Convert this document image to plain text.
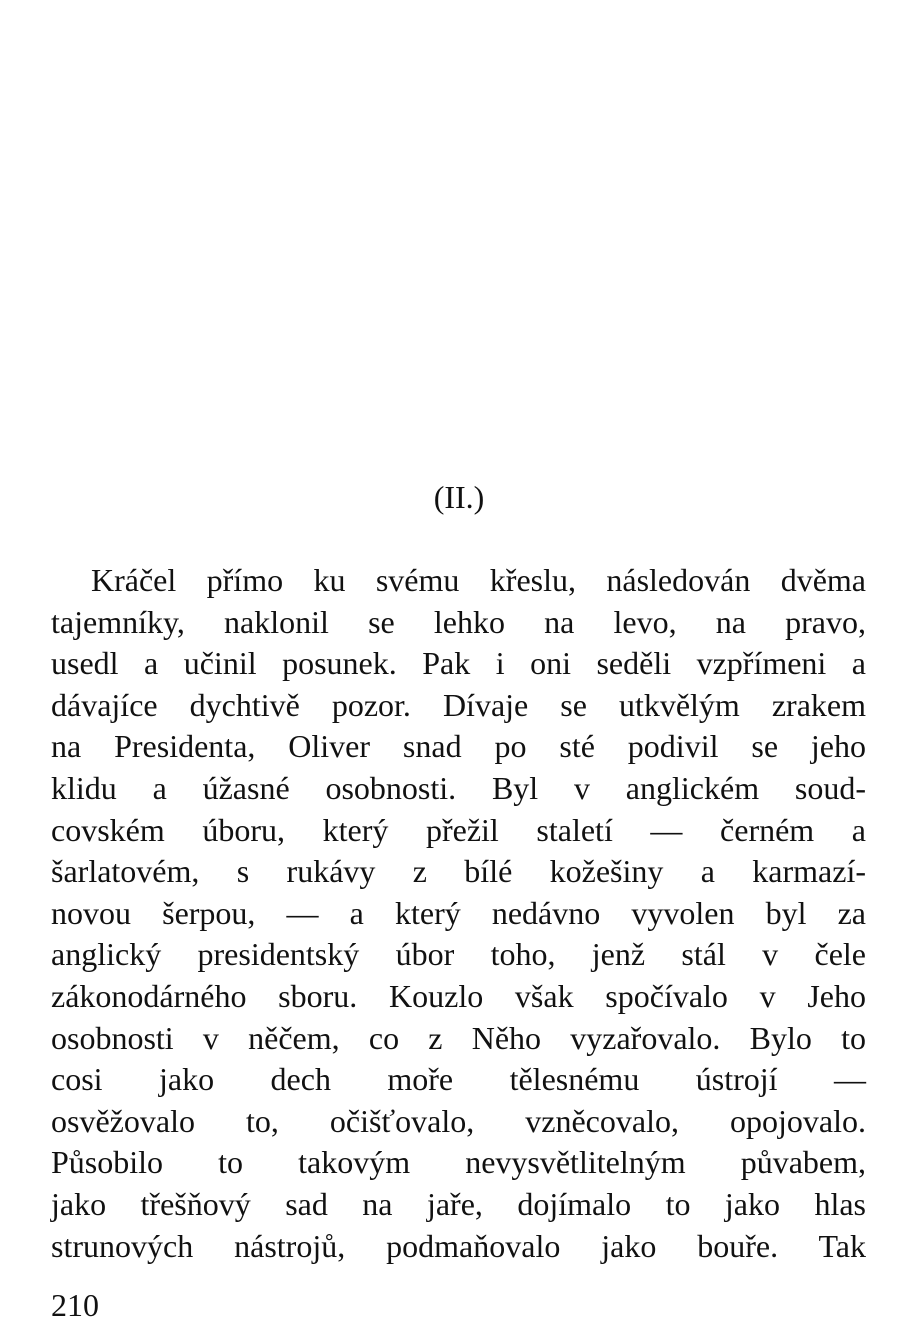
(II.)
Kráčel přímo ku svému křeslu, následován dvěma
tajemníky, naklonil se lehko na levo, na pravo,
usedl a učinil posunek. Pak i oni seděli vzpřímeni a
dávajíce dychtivě pozor. Dívaje se utkvělým zrakem
na Presidenta, Oliver snad po sté podivil se jeho
klidu a úžasné osobnosti. Byl v anglickém soud-
covském úboru, který přežil staletí — černém a
šarlatovém, s rukávy z bílé kožešiny a karmazí-
novou šerpou, — a který nedávno vyvolen byl za
anglický presidentský úbor toho, jenž stál v čele
zákonodárného sboru. Kouzlo však spočívalo v Jeho
osobnosti v něčem, co z Něho vyzařovalo. Bylo to
cosi jako dech moře tělesnému ústrojí —
osvěžovalo to, očišťovalo, vzněcovalo, opojovalo.
Působilo to takovým nevysvětlitelným půvabem,
jako třešňový sad na jaře, dojímalo to jako hlas
strunových nástrojů, podmaňovalo jako bouře. Tak
210
